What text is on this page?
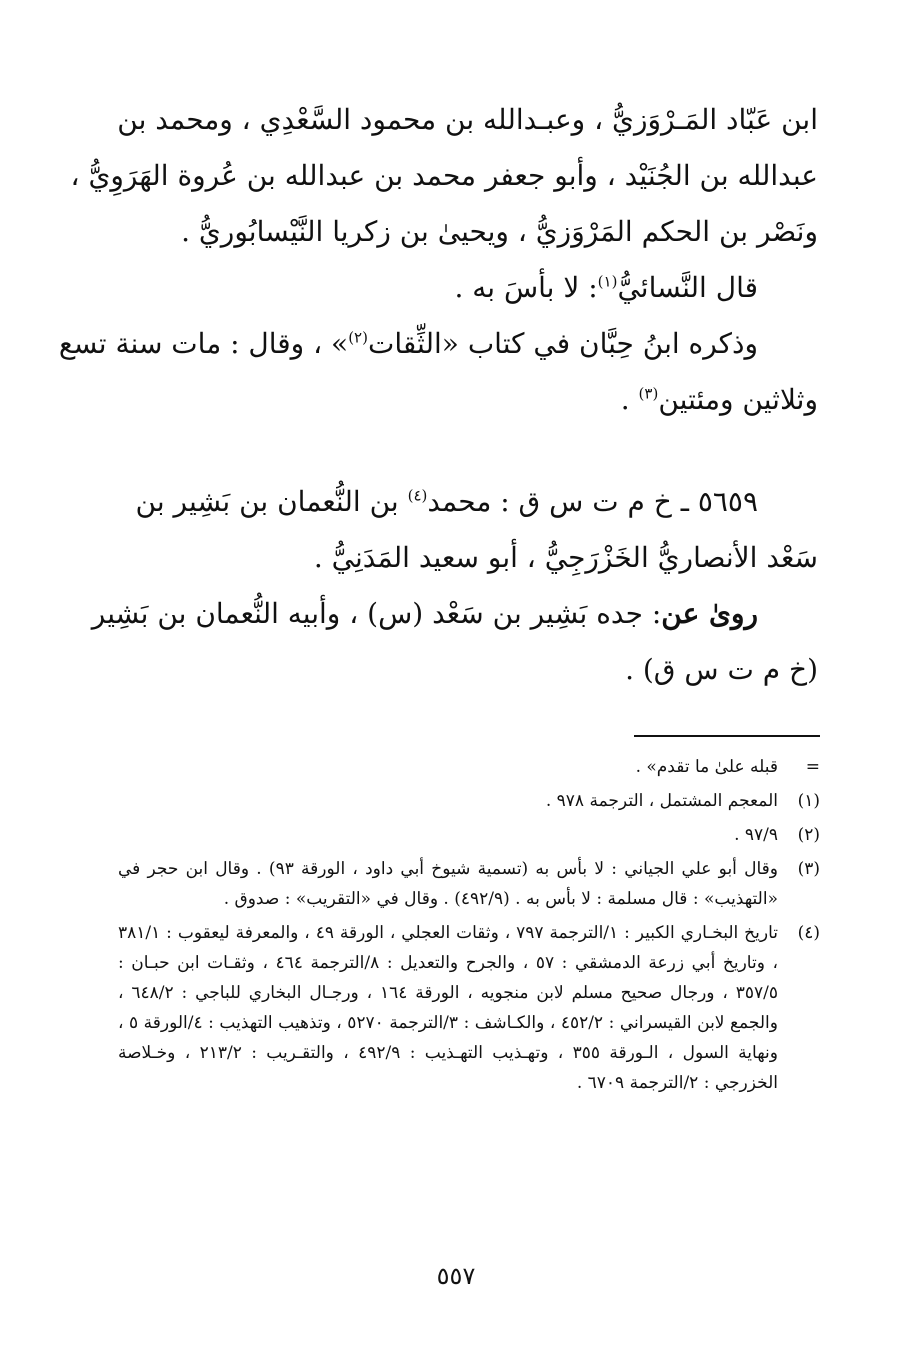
ابن عَبّاد المَـرْوَزيُّ ، وعبـدالله بن محمود السَّعْدِي ، ومحمد بن
عبدالله بن الجُنَيْد ، وأبو جعفر محمد بن عبدالله بن عُروة الهَرَوِيُّ ،
ونَصْر بن الحكم المَرْوَزيُّ ، ويحيىٰ بن زكريا النَّيْسابُوريُّ .
قال النَّسائيُّ$^{(١)}$: لا بأسَ به .
وذكره ابنُ حِبَّان في كتاب «الثِّقات$^{(٢)}$» ، وقال : مات سنة تسع
وثلاثين ومئتين$^{(٣)}$ .
٥٦٥٩ ـ خ م ت س ق : محمد$^{(٤)}$ بن النُّعمان بن بَشِير بن
سَعْد الأنصاريُّ الخَزْرَجِيُّ ، أبو سعيد المَدَنِيُّ .
روىٰ عن: جده بَشِير بن سَعْد (س) ، وأبيه النُّعمان بن بَشِير
(خ م ت س ق) .
=
قبله علىٰ ما تقدم» .
(١)
المعجم المشتمل ، الترجمة ٩٧٨ .
(٢)
٩٧/٩ .
(٣)
وقال أبو علي الجياني : لا بأس به (تسمية شيوخ أبي داود ، الورقة ٩٣) . وقال ابن حجر في «التهذيب» : قال مسلمة : لا بأس به . (٤٩٢/٩) . وقال في «التقريب» : صدوق .
(٤)
تاريخ البخـاري الكبير : ١/الترجمة ٧٩٧ ، وثقات العجلي ، الورقة ٤٩ ، والمعرفة ليعقوب : ٣٨١/١ ، وتاريخ أبي زرعة الدمشقي : ٥٧ ، والجرح والتعديل : ٨/الترجمة ٤٦٤ ، وثقـات ابن حبـان : ٣٥٧/٥ ، ورجال صحيح مسلم لابن منجويه ، الورقة ١٦٤ ، ورجـال البخاري للباجي : ٦٤٨/٢ ، والجمع لابن القيسراني : ٤٥٢/٢ ، والكـاشف : ٣/الترجمة ٥٢٧٠ ، وتذهيب التهذيب : ٤/الورقة ٥ ، ونهاية السول ، الـورقة ٣٥٥ ، وتهـذيب التهـذيب : ٤٩٢/٩ ، والتقـريب : ٢١٣/٢ ، وخـلاصة الخزرجي : ٢/الترجمة ٦٧٠٩ .
٥٥٧
